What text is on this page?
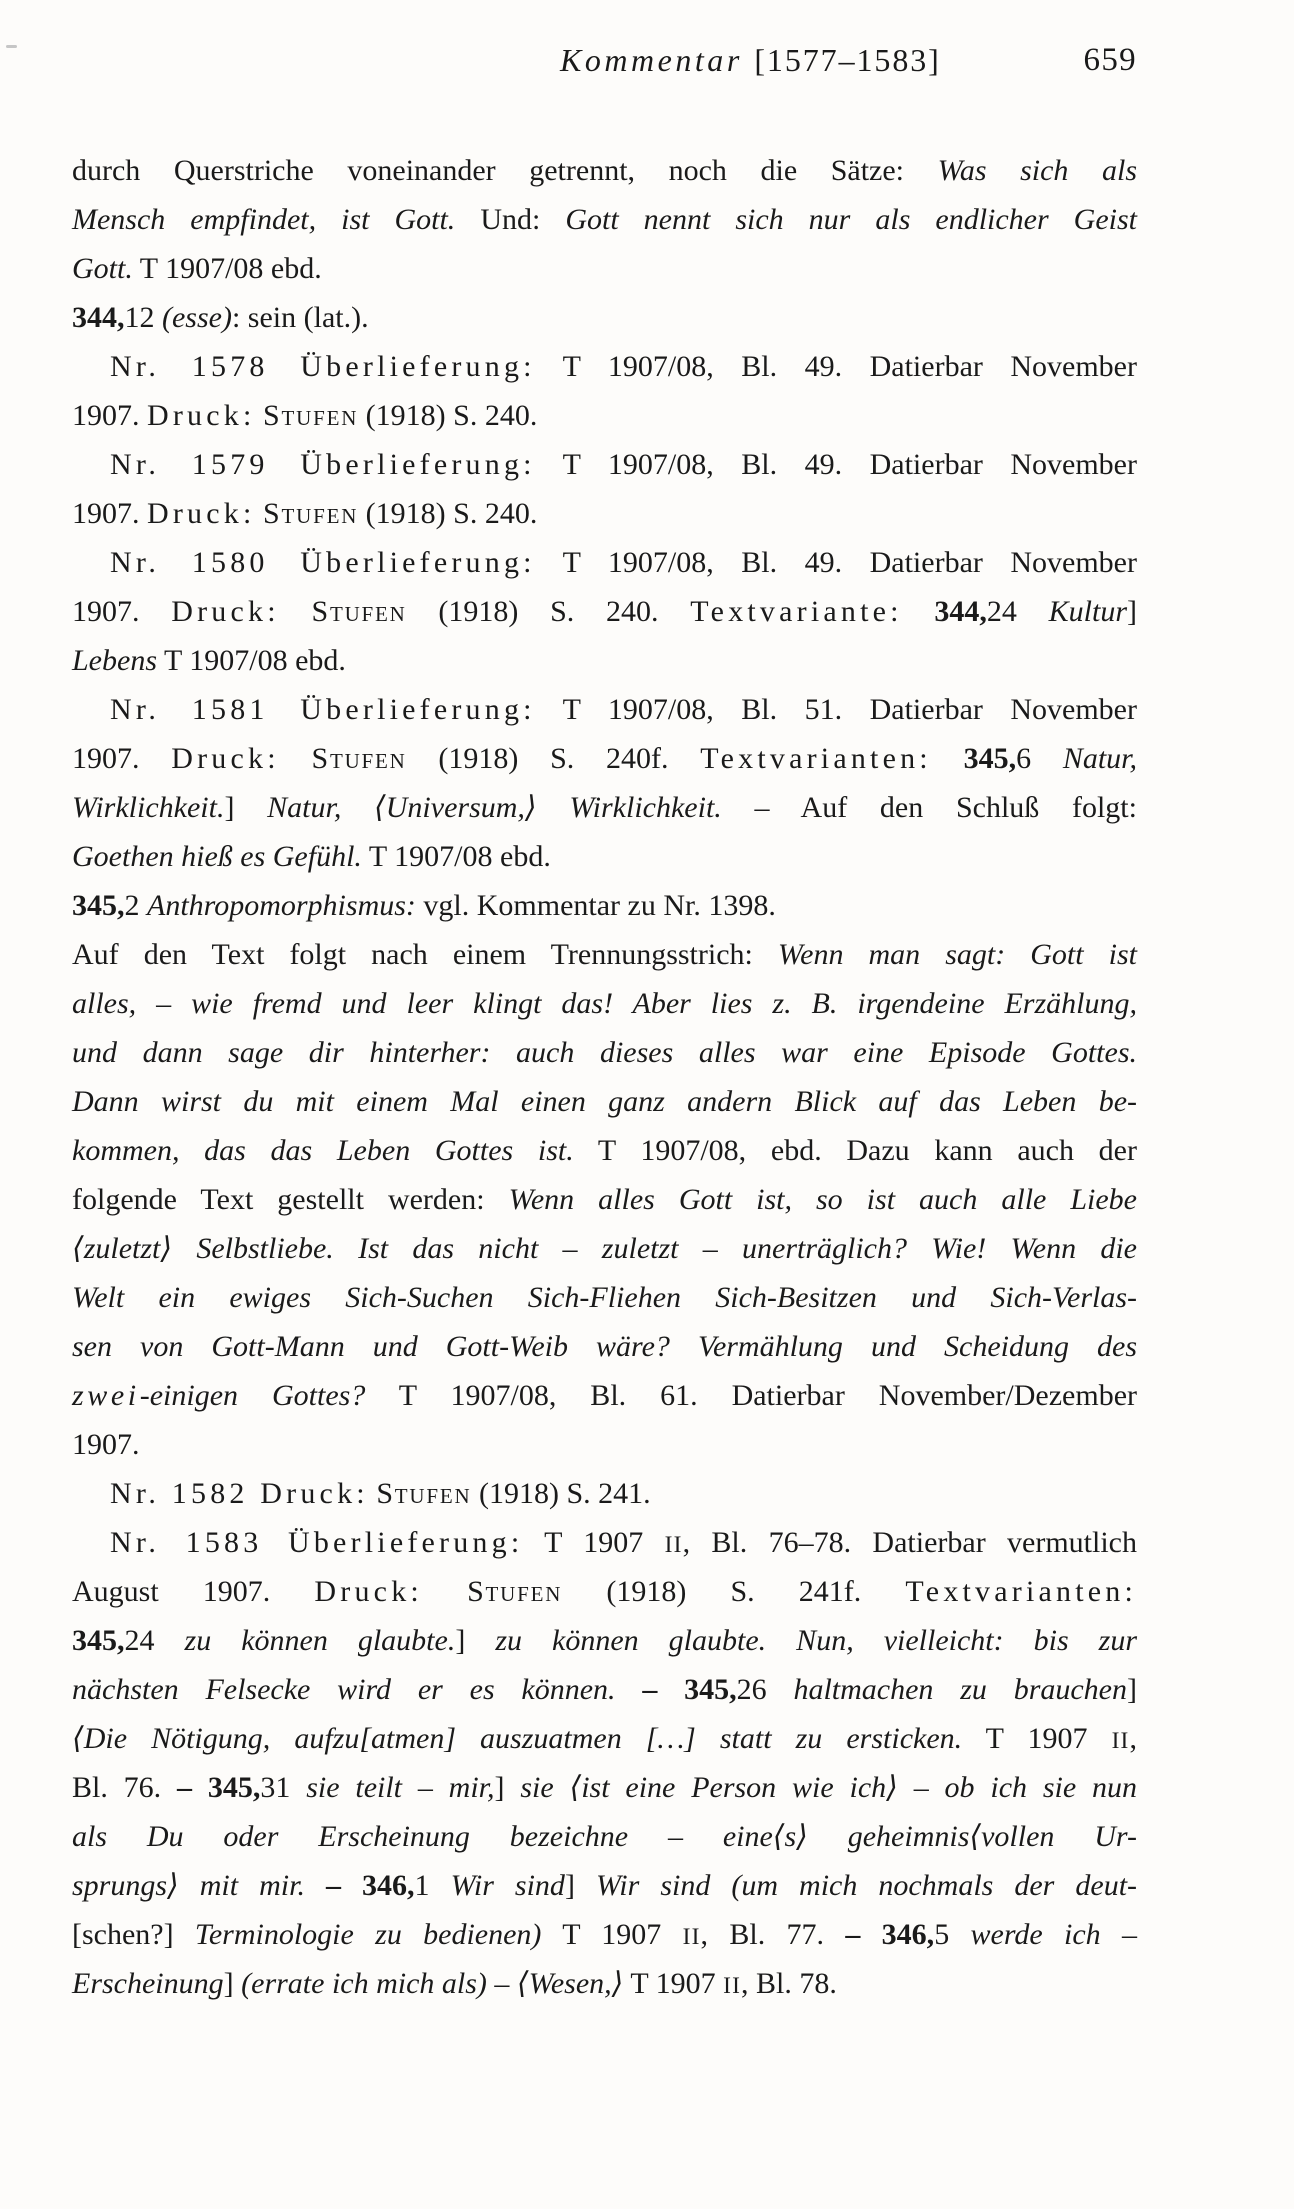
Kommentar [1577–1583]	659
durch Querstriche voneinander getrennt, noch die Sätze: Was sich als
Mensch empfindet, ist Gott. Und: Gott nennt sich nur als endlicher Geist
Gott. T 1907/08 ebd.
344,12 (esse): sein (lat.).
Nr. 1578 Überlieferung: T 1907/08, Bl. 49. Datierbar November
1907. Druck: Stufen (1918) S. 240.
Nr. 1579 Überlieferung: T 1907/08, Bl. 49. Datierbar November
1907. Druck: Stufen (1918) S. 240.
Nr. 1580 Überlieferung: T 1907/08, Bl. 49. Datierbar November
1907. Druck: Stufen (1918) S. 240. Textvariante: 344,24 Kultur]
Lebens T 1907/08 ebd.
Nr. 1581 Überlieferung: T 1907/08, Bl. 51. Datierbar November
1907. Druck: Stufen (1918) S. 240f. Textvarianten: 345,6 Natur,
Wirklichkeit.] Natur, ⟨Universum,⟩ Wirklichkeit. – Auf den Schluß folgt:
Goethen hieß es Gefühl. T 1907/08 ebd.
345,2 Anthropomorphismus: vgl. Kommentar zu Nr. 1398.
Auf den Text folgt nach einem Trennungsstrich: Wenn man sagt: Gott ist
alles, – wie fremd und leer klingt das! Aber lies z. B. irgendeine Erzählung,
und dann sage dir hinterher: auch dieses alles war eine Episode Gottes.
Dann wirst du mit einem Mal einen ganz andern Blick auf das Leben be-
kommen, das das Leben Gottes ist. T 1907/08, ebd. Dazu kann auch der
folgende Text gestellt werden: Wenn alles Gott ist, so ist auch alle Liebe
⟨zuletzt⟩ Selbstliebe. Ist das nicht – zuletzt – unerträglich? Wie! Wenn die
Welt ein ewiges Sich-Suchen Sich-Fliehen Sich-Besitzen und Sich-Verlas-
sen von Gott-Mann und Gott-Weib wäre? Vermählung und Scheidung des
zwei-einigen Gottes? T 1907/08, Bl. 61. Datierbar November/Dezember
1907.
Nr. 1582 Druck: Stufen (1918) S. 241.
Nr. 1583 Überlieferung: T 1907 II, Bl. 76–78. Datierbar vermutlich
August 1907. Druck: Stufen (1918) S. 241f. Textvarianten:
345,24 zu können glaubte.] zu können glaubte. Nun, vielleicht: bis zur
nächsten Felsecke wird er es können. – 345,26 haltmachen zu brauchen]
⟨Die Nötigung, aufzu[atmen] auszuatmen […] statt zu ersticken. T 1907 II,
Bl. 76. – 345,31 sie teilt – mir,] sie ⟨ist eine Person wie ich⟩ – ob ich sie nun
als Du oder Erscheinung bezeichne – eine⟨s⟩ geheimnis⟨vollen Ur-
sprungs⟩ mit mir. – 346,1 Wir sind] Wir sind (um mich nochmals der deut-
[schen?] Terminologie zu bedienen) T 1907 II, Bl. 77. – 346,5 werde ich –
Erscheinung] (errate ich mich als) – ⟨Wesen,⟩ T 1907 II, Bl. 78.
